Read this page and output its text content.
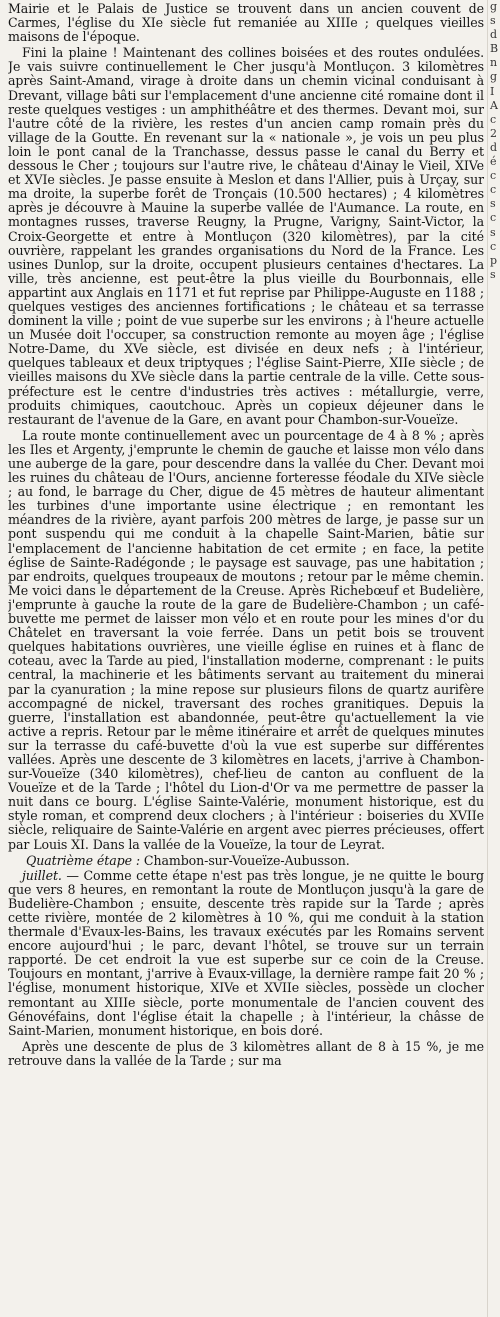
Mairie et le Palais de Justice se trouvent dans un ancien couvent de Carmes, l'église du XIe siècle fut remaniée au XIIIe ; quelques vieilles maisons de l'époque.

Fini la plaine ! Maintenant des collines boisées et des routes ondulées. Je vais suivre continuellement le Cher jusqu'à Montluçon. 3 kilomètres après Saint-Amand, virage à droite dans un chemin vicinal conduisant à Drevant, village bâti sur l'emplacement d'une ancienne cité romaine dont il reste quelques vestiges : un amphithéâtre et des thermes. Devant moi, sur l'autre côté de la rivière, les restes d'un ancien camp romain près du village de la Goutte. En revenant sur la « nationale », je vois un peu plus loin le pont canal de la Tranchasse, dessus passe le canal du Berry et dessous le Cher ; toujours sur l'autre rive, le château d'Ainay le Vieil, XIVe et XVIe siècles. Je passe ensuite à Meslon et dans l'Allier, puis à Urçay, sur ma droite, la superbe forêt de Tronçais (10.500 hectares) ; 4 kilomètres après je découvre à Mauine la superbe vallée de l'Aumance. La route, en montagnes russes, traverse Reugny, la Prugne, Varigny, Saint-Victor, la Croix-Georgette et entre à Montluçon (320 kilomètres), par la cité ouvrière, rappelant les grandes organisations du Nord de la France. Les usines Dunlop, sur la droite, occupent plusieurs centaines d'hectares. La ville, très ancienne, est peut-être la plus vieille du Bourbonnais, elle appartint aux Anglais en 1171 et fut reprise par Philippe-Auguste en 1188 ; quelques vestiges des anciennes fortifications ; le château et sa terrasse dominent la ville ; point de vue superbe sur les environs ; à l'heure actuelle un Musée doit l'occuper, sa construction remonte au moyen âge ; l'église Notre-Dame, du XVe siècle, est divisée en deux nefs ; à l'intérieur, quelques tableaux et deux triptyques ; l'église Saint-Pierre, XIIe siècle ; de vieilles maisons du XVe siècle dans la partie centrale de la ville. Cette sous-préfecture est le centre d'industries très actives : métallurgie, verre, produits chimiques, caoutchouc. Après un copieux déjeuner dans le restaurant de l'avenue de la Gare, en avant pour Chambon-sur-Voueïze.

La route monte continuellement avec un pourcentage de 4 à 8 % ; après les Iles et Argenty, j'emprunte le chemin de gauche et laisse mon vélo dans une auberge de la gare, pour descendre dans la vallée du Cher. Devant moi les ruines du château de l'Ours, ancienne forteresse féodale du XIVe siècle ; au fond, le barrage du Cher, digue de 45 mètres de hauteur alimentant les turbines d'une importante usine électrique ; en remontant les méandres de la rivière, ayant parfois 200 mètres de large, je passe sur un pont suspendu qui me conduit à la chapelle Saint-Marien, bâtie sur l'emplacement de l'ancienne habitation de cet ermite ; en face, la petite église de Sainte-Radégonde ; le paysage est sauvage, pas une habitation ; par endroits, quelques troupeaux de moutons ; retour par le même chemin. Me voici dans le département de la Creuse. Après Richebœuf et Budelière, j'emprunte à gauche la route de la gare de Budelière-Chambon ; un café-buvette me permet de laisser mon vélo et en route pour les mines d'or du Châtelet en traversant la voie ferrée. Dans un petit bois se trouvent quelques habitations ouvrières, une vieille église en ruines et à flanc de coteau, avec la Tarde au pied, l'installation moderne, comprenant : le puits central, la machinerie et les bâtiments servant au traitement du minerai par la cyanuration ; la mine repose sur plusieurs filons de quartz aurifère accompagné de nickel, traversant des roches granitiques. Depuis la guerre, l'installation est abandonnée, peut-être qu'actuellement la vie active a repris. Retour par le même itinéraire et arrêt de quelques minutes sur la terrasse du café-buvette d'où la vue est superbe sur différentes vallées. Après une descente de 3 kilomètres en lacets, j'arrive à Chambon-sur-Voueïze (340 kilomètres), chef-lieu de canton au confluent de la Voueïze et de la Tarde ; l'hôtel du Lion-d'Or va me permettre de passer la nuit dans ce bourg. L'église Sainte-Valérie, monument historique, est du style roman, et comprend deux clochers ; à l'intérieur : boiseries du XVIIe siècle, reliquaire de Sainte-Valérie en argent avec pierres précieuses, offert par Louis XI. Dans la vallée de la Voueïze, la tour de Leyrat.

Quatrième étape : Chambon-sur-Voueïze-Aubusson.

juillet. — Comme cette étape n'est pas très longue, je ne quitte le bourg que vers 8 heures, en remontant la route de Montluçon jusqu'à la gare de Budelière-Chambon ; ensuite, descente très rapide sur la Tarde ; après cette rivière, montée de 2 kilomètres à 10 %, qui me conduit à la station thermale d'Evaux-les-Bains, les travaux exécutés par les Romains servent encore aujourd'hui ; le parc, devant l'hôtel, se trouve sur un terrain rapporté. De cet endroit la vue est superbe sur ce coin de la Creuse. Toujours en montant, j'arrive à Evaux-village, la dernière rampe fait 20 % ; l'église, monument historique, XIVe et XVIIe siècles, possède un clocher remontant au XIIIe siècle, porte monumentale de l'ancien couvent des Génovéfains, dont l'église était la chapelle ; à l'intérieur, la châsse de Saint-Marien, monument historique, en bois doré.

Après une descente de plus de 3 kilomètres allant de 8 à 15 %, je me retrouve dans la vallée de la Tarde ; sur ma

g
s
d
B
n
g
I
A
c
2
d
é
c
c
s
c
s
c
p
s
